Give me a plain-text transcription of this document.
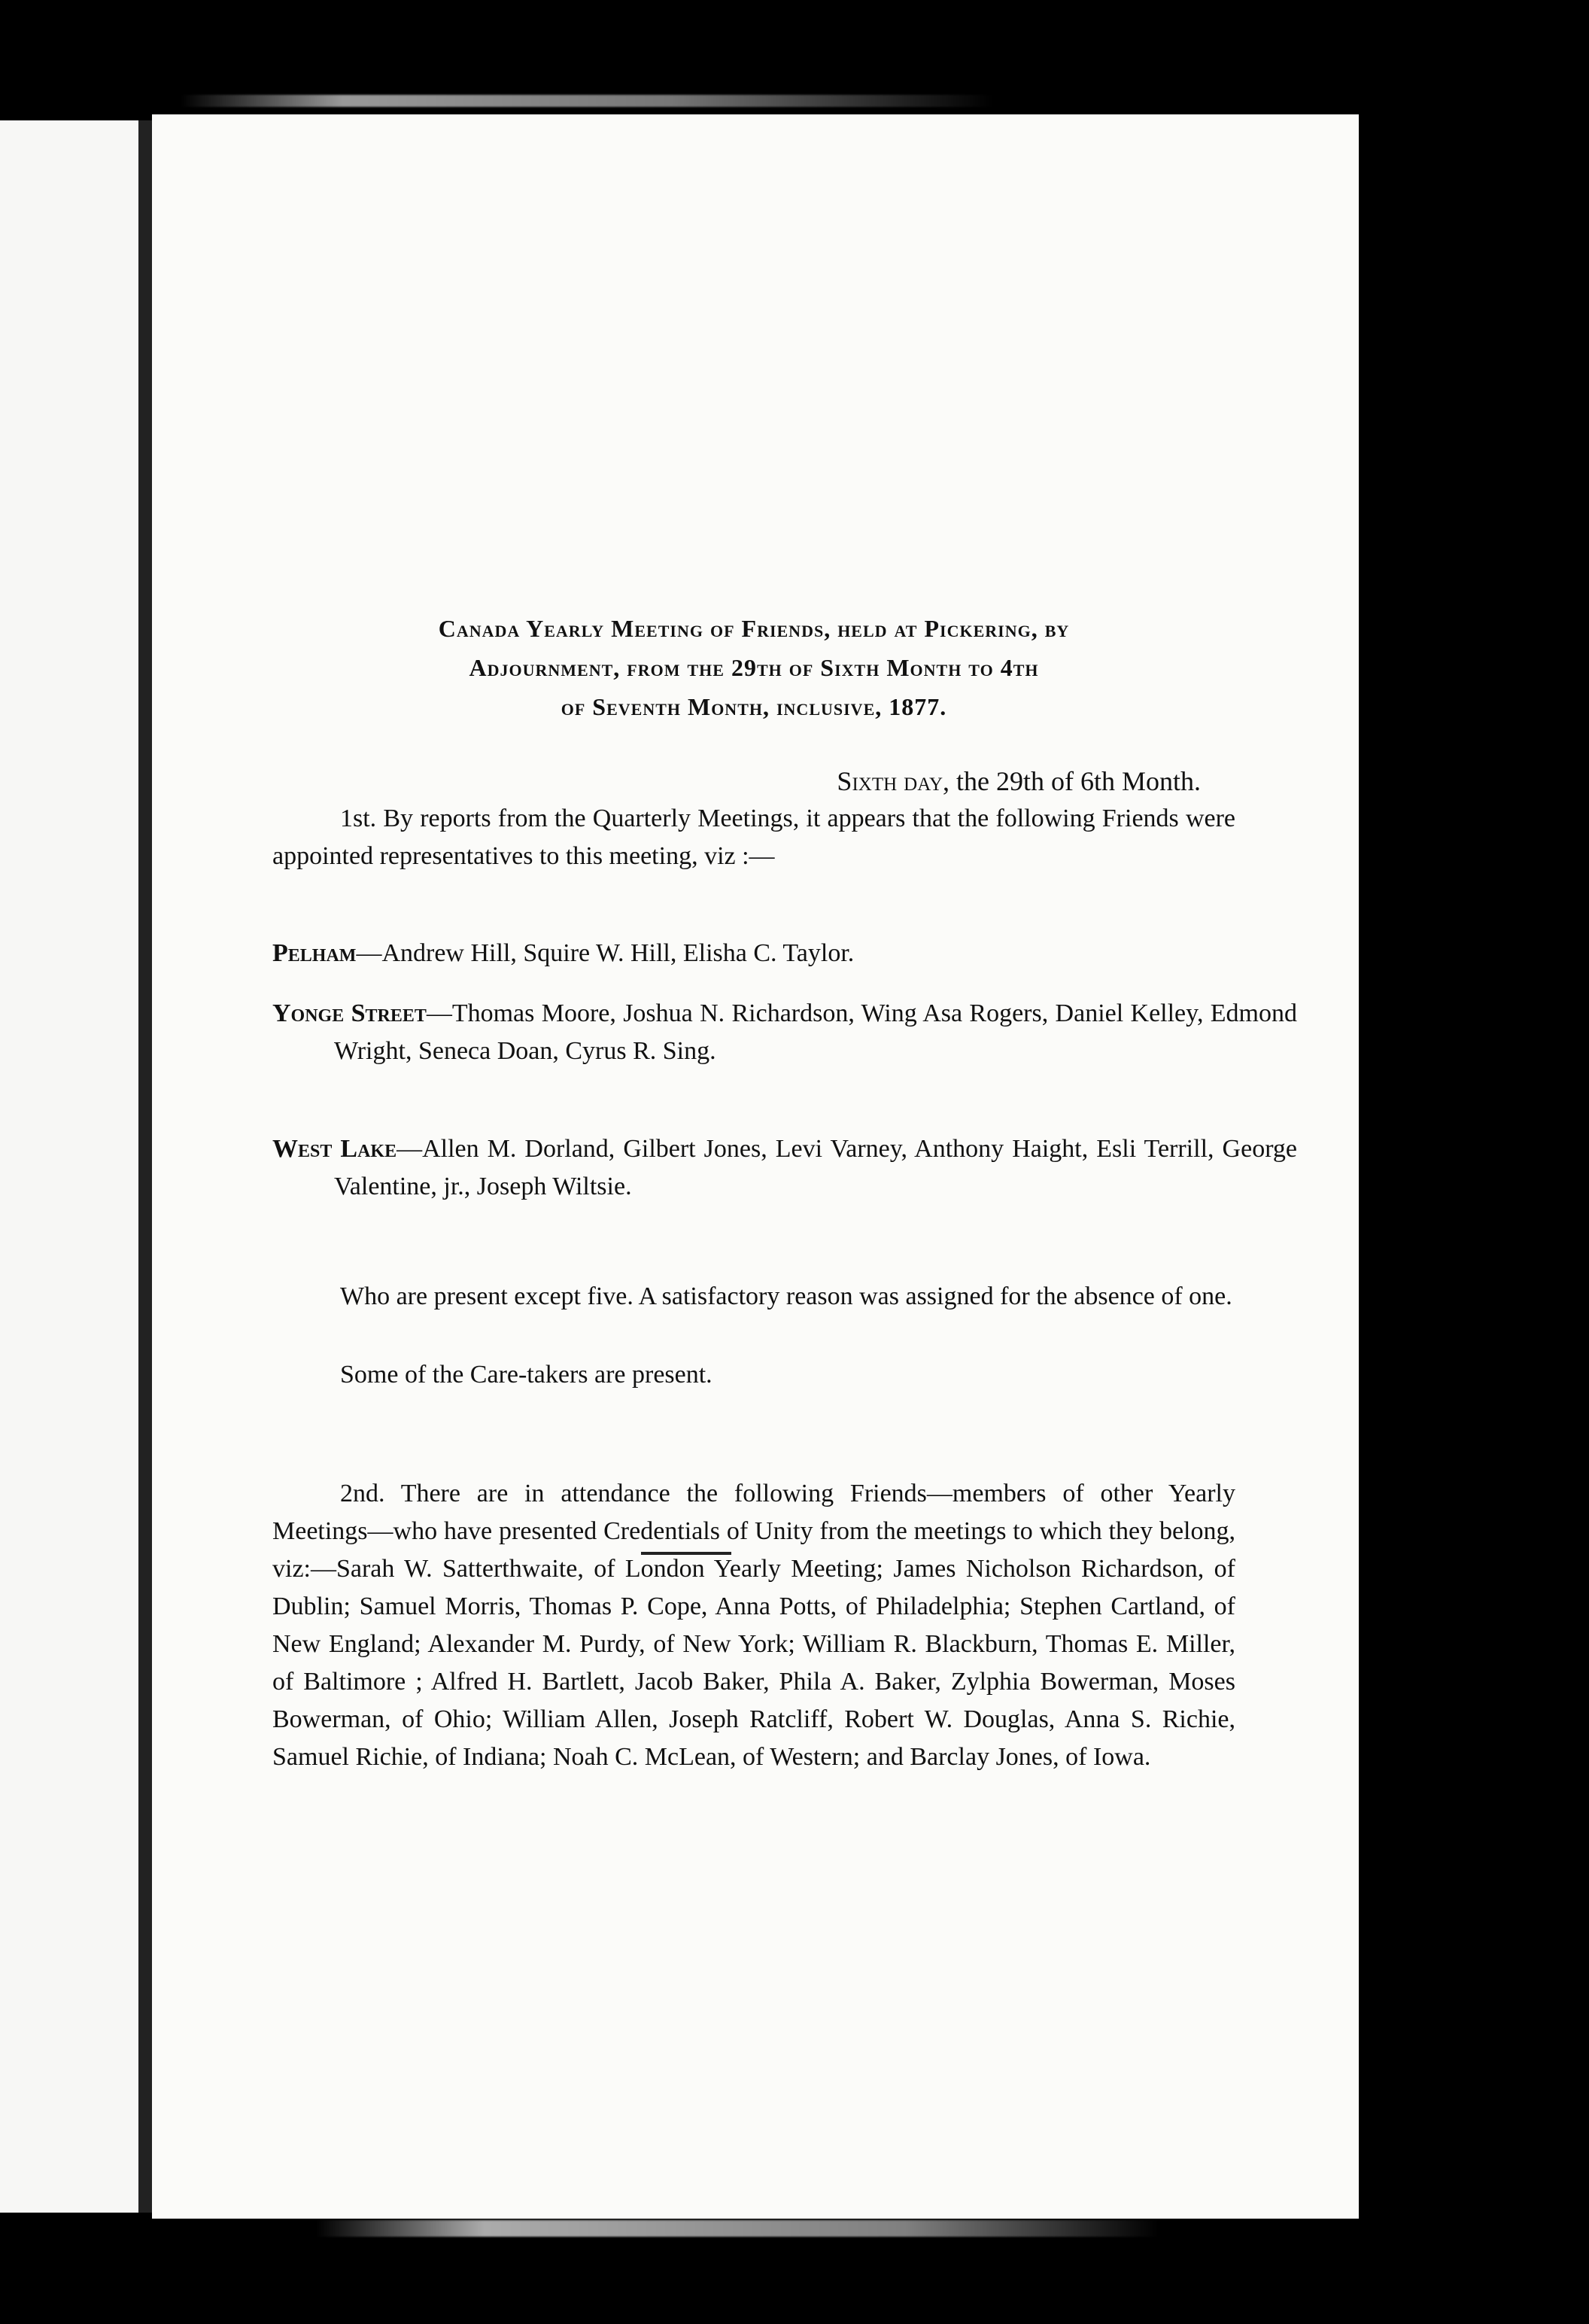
Canada Yearly Meeting of Friends, held at Pickering, by
Adjournment, from the 29th of Sixth Month to 4th
of Seventh Month, inclusive, 1877.
Sixth day, the 29th of 6th Month.
1st. By reports from the Quarterly Meetings, it appears that the following Friends were appointed representatives to this meeting, viz :—
Pelham—Andrew Hill, Squire W. Hill, Elisha C. Taylor.
Yonge Street—Thomas Moore, Joshua N. Richardson, Wing Asa Rogers, Daniel Kelley, Edmond Wright, Seneca Doan, Cyrus R. Sing.
West Lake—Allen M. Dorland, Gilbert Jones, Levi Varney, Anthony Haight, Esli Terrill, George Valentine, jr., Joseph Wiltsie.
Who are present except five. A satisfactory reason was assigned for the absence of one.
Some of the Care-takers are present.
2nd. There are in attendance the following Friends—members of other Yearly Meetings—who have presented Credentials of Unity from the meetings to which they belong, viz:—Sarah W. Satterthwaite, of London Yearly Meeting; James Nicholson Richardson, of Dublin; Samuel Morris, Thomas P. Cope, Anna Potts, of Philadelphia; Stephen Cartland, of New England; Alexander M. Purdy, of New York; William R. Blackburn, Thomas E. Miller, of Baltimore ; Alfred H. Bartlett, Jacob Baker, Phila A. Baker, Zylphia Bowerman, Moses Bowerman, of Ohio; William Allen, Joseph Ratcliff, Robert W. Douglas, Anna S. Richie, Samuel Richie, of Indiana; Noah C. McLean, of Western; and Barclay Jones, of Iowa.
